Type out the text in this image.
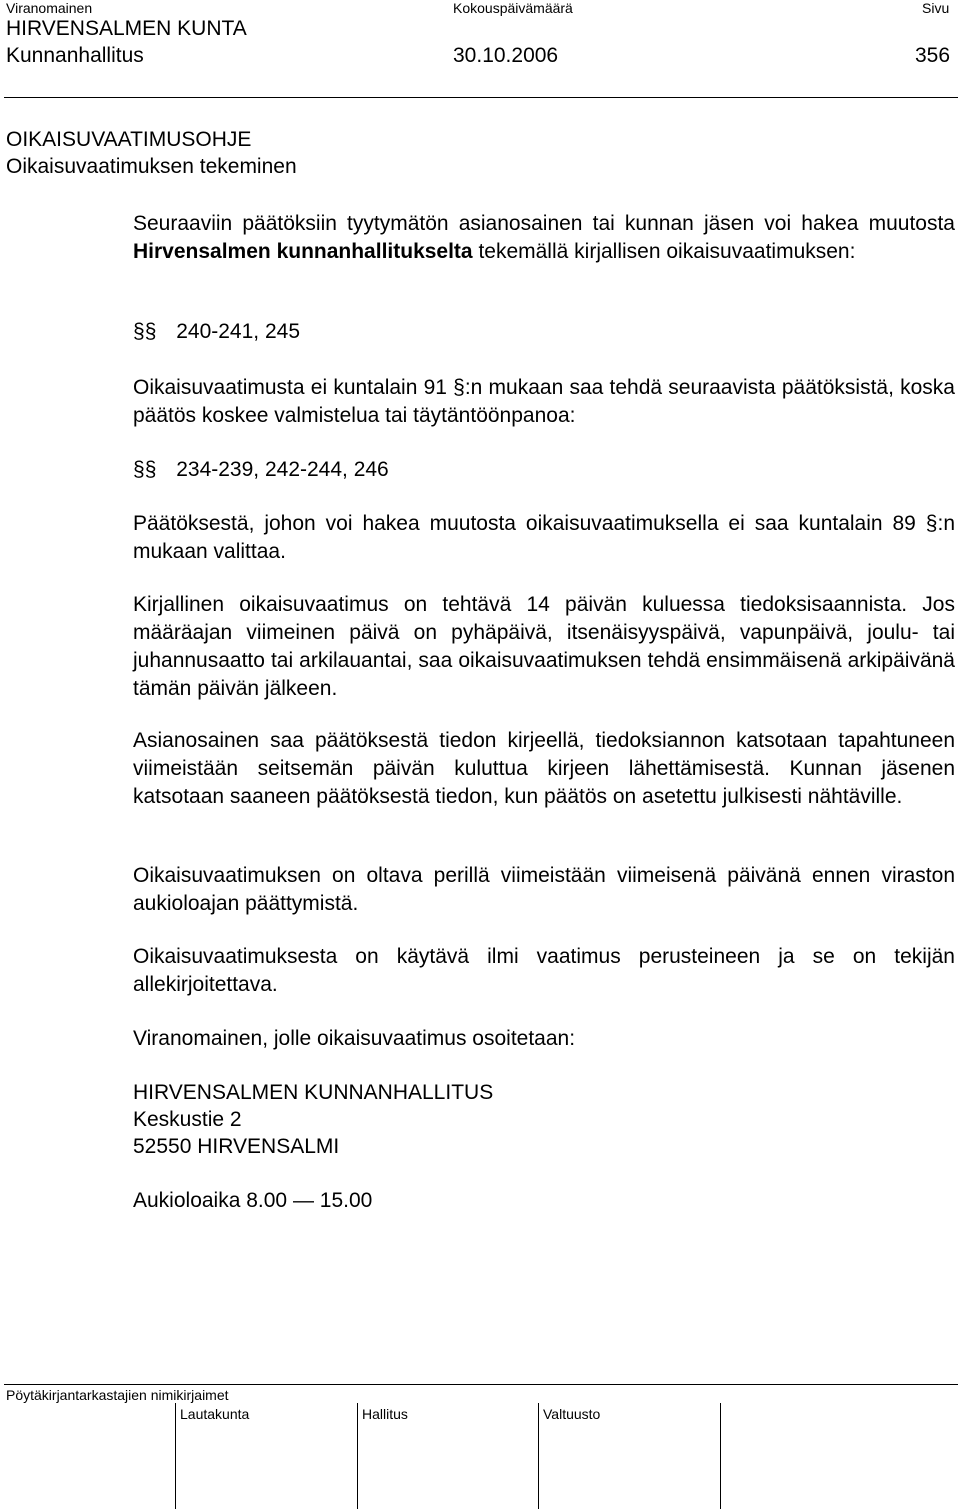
Viranomainen	Kokouspäivämäärä	Sivu
HIRVENSALMEN KUNTA
Kunnanhallitus	30.10.2006	356
OIKAISUVAATIMUSOHJE
Oikaisuvaatimuksen tekeminen
Seuraaviin päätöksiin tyytymätön asianosainen tai kunnan jäsen voi hakea muutosta Hirvensalmen kunnanhallitukselta tekemällä kirjallisen oikaisuvaatimuksen:
§§ 240-241, 245
Oikaisuvaatimusta ei kuntalain 91 §:n mukaan saa tehdä seuraavista päätöksistä, koska päätös koskee valmistelua tai täytäntöönpanoa:
§§ 234-239, 242-244, 246
Päätöksestä, johon voi hakea muutosta oikaisuvaatimuksella ei saa kuntalain 89 §:n mukaan valittaa.
Kirjallinen oikaisuvaatimus on tehtävä 14 päivän kuluessa tiedoksisaannista. Jos määräajan viimeinen päivä on pyhäpäivä, itsenäisyyspäivä, vapunpäivä, joulu- tai juhannusaatto tai arkilauantai, saa oikaisuvaatimuksen tehdä ensimmäisenä arkipäivänä tämän päivän jälkeen.
Asianosainen saa päätöksestä tiedon kirjeellä, tiedoksiannon katsotaan tapahtuneen viimeistään seitsemän päivän kuluttua kirjeen lähettämisestä. Kunnan jäsenen katsotaan saaneen päätöksestä tiedon, kun päätös on asetettu julkisesti nähtäville.
Oikaisuvaatimuksen on oltava perillä viimeistään viimeisenä päivänä ennen viraston aukioloajan päättymistä.
Oikaisuvaatimuksesta on käytävä ilmi vaatimus perusteineen ja se on tekijän allekirjoitettava.
Viranomainen, jolle oikaisuvaatimus osoitetaan:
HIRVENSALMEN KUNNANHALLITUS
Keskustie 2
52550 HIRVENSALMI
Aukioloaika 8.00 — 15.00
Pöytäkirjantarkastajien nimikirjaimet
Lautakunta	Hallitus	Valtuusto
